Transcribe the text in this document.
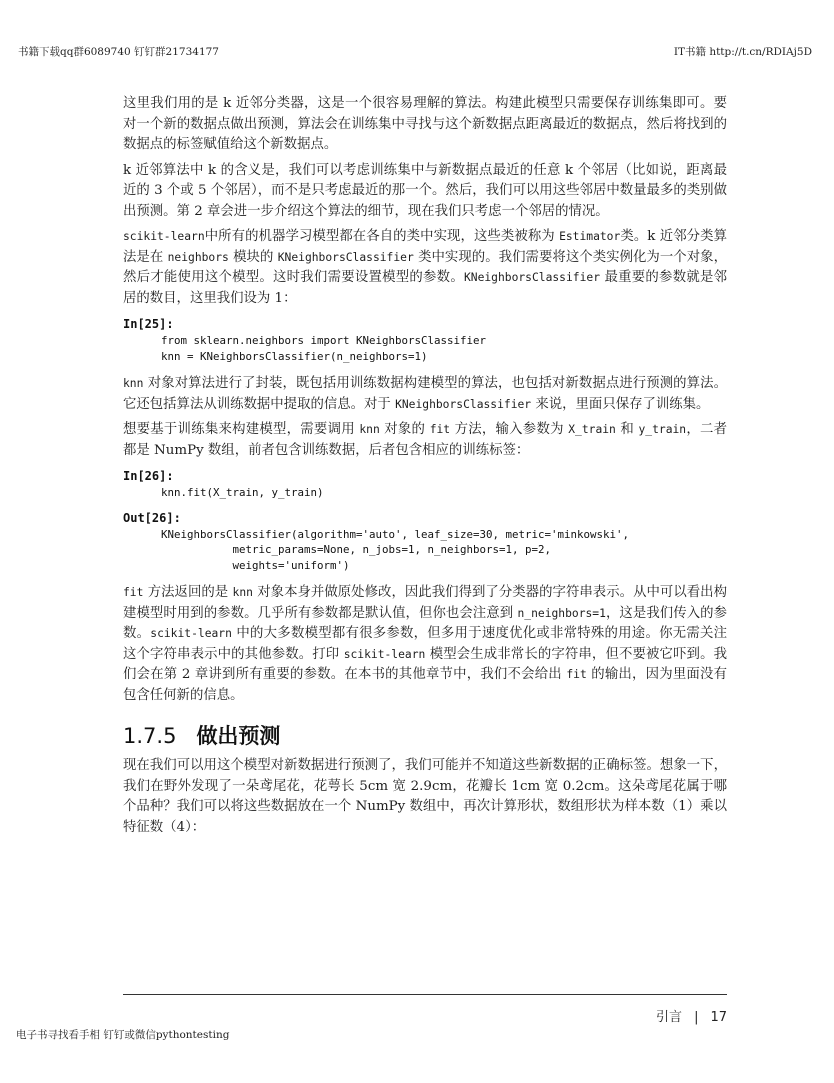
书籍下载qq群6089740 钉钉群21734177	IT书籍 http://t.cn/RDIAj5D

这里我们用的是 k 近邻分类器，这是一个很容易理解的算法。构建此模型只需要保存训练集即可。要对一个新的数据点做出预测，算法会在训练集中寻找与这个新数据点距离最近的数据点，然后将找到的数据点的标签赋值给这个新数据点。

k 近邻算法中 k 的含义是，我们可以考虑训练集中与新数据点最近的任意 k 个邻居（比如说，距离最近的 3 个或 5 个邻居），而不是只考虑最近的那一个。然后，我们可以用这些邻居中数量最多的类别做出预测。第 2 章会进一步介绍这个算法的细节，现在我们只考虑一个邻居的情况。

scikit-learn中所有的机器学习模型都在各自的类中实现，这些类被称为 Estimator类。k 近邻分类算法是在 neighbors 模块的 KNeighborsClassifier 类中实现的。我们需要将这个类实例化为一个对象，然后才能使用这个模型。这时我们需要设置模型的参数。KNeighborsClassifier 最重要的参数就是邻居的数目，这里我们设为 1：

In[25]:
from sklearn.neighbors import KNeighborsClassifier
knn = KNeighborsClassifier(n_neighbors=1)

knn 对象对算法进行了封装，既包括用训练数据构建模型的算法，也包括对新数据点进行预测的算法。它还包括算法从训练数据中提取的信息。对于 KNeighborsClassifier 来说，里面只保存了训练集。

想要基于训练集来构建模型，需要调用 knn 对象的 fit 方法，输入参数为 X_train 和 y_train，二者都是 NumPy 数组，前者包含训练数据，后者包含相应的训练标签：

In[26]:
knn.fit(X_train, y_train)
Out[26]:
KNeighborsClassifier(algorithm='auto', leaf_size=30, metric='minkowski',
metric_params=None, n_jobs=1, n_neighbors=1, p=2,
weights='uniform')

fit 方法返回的是 knn 对象本身并做原处修改，因此我们得到了分类器的字符串表示。从中可以看出构建模型时用到的参数。几乎所有参数都是默认值，但你也会注意到 n_neighbors=1，这是我们传入的参数。scikit-learn 中的大多数模型都有很多参数，但多用于速度优化或非常特殊的用途。你无需关注这个字符串表示中的其他参数。打印 scikit-learn 模型会生成非常长的字符串，但不要被它吓到。我们会在第 2 章讲到所有重要的参数。在本书的其他章节中，我们不会给出 fit 的输出，因为里面没有包含任何新的信息。

1.7.5 做出预测

现在我们可以用这个模型对新数据进行预测了，我们可能并不知道这些新数据的正确标签。想象一下，我们在野外发现了一朵鸢尾花，花萼长 5cm 宽 2.9cm，花瓣长 1cm 宽 0.2cm。这朵鸢尾花属于哪个品种？我们可以将这些数据放在一个 NumPy 数组中，再次计算形状，数组形状为样本数（1）乘以特征数（4）：

引言 | 17
电子书寻找看手相 钉钉或微信pythontesting
